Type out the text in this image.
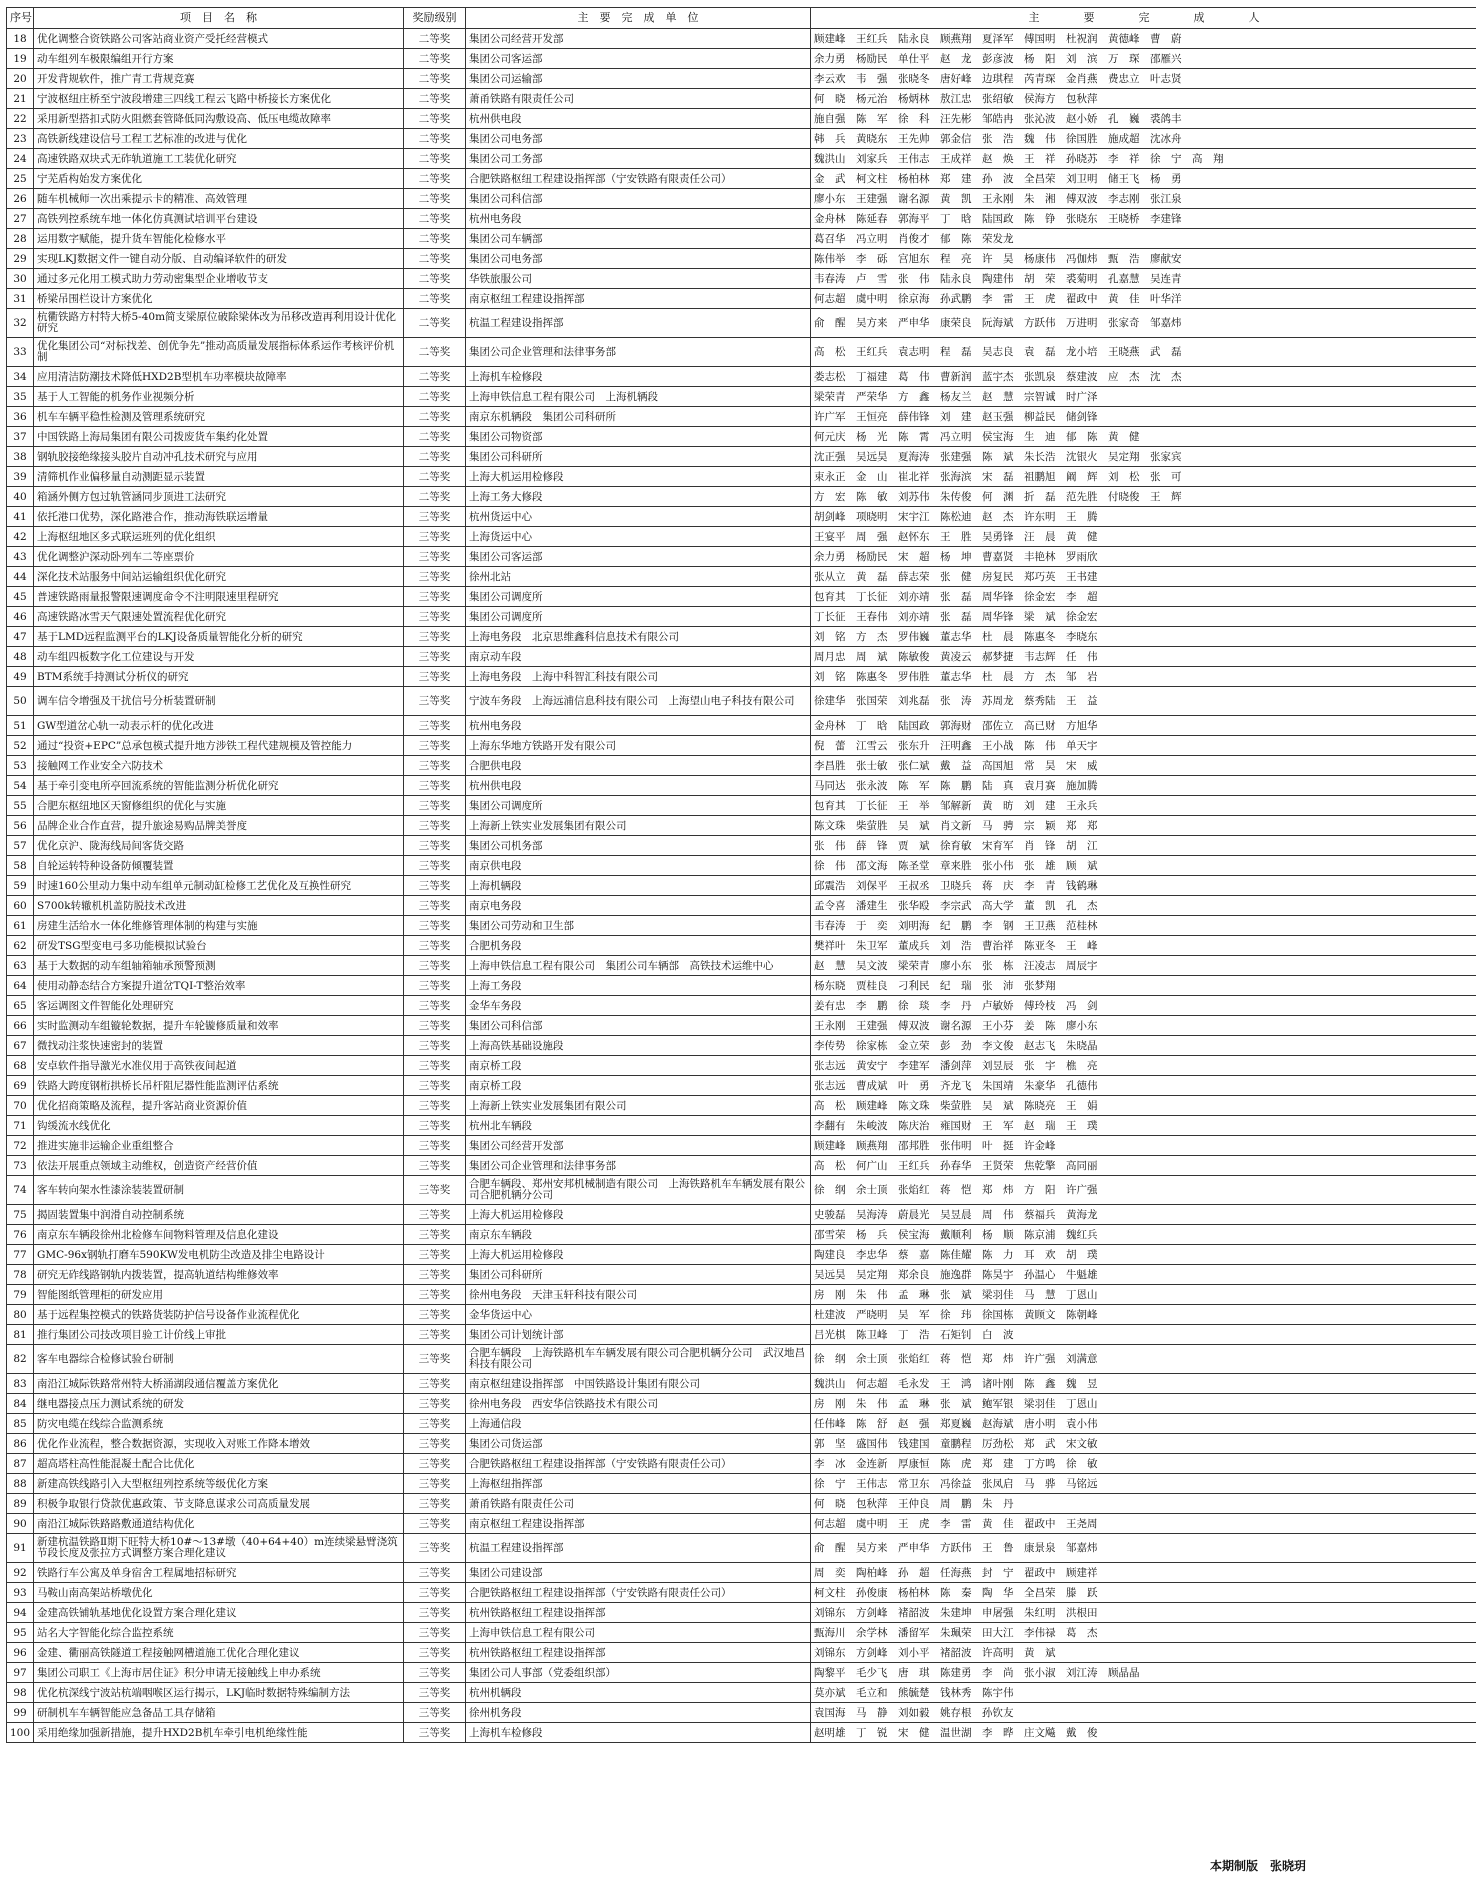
序号	项　目　名　称	奖励级别	主　要　完　成　单　位	主　　　　要　　　　完　　　　成　　　　人
18	优化调整合资铁路公司客站商业资产受托经营模式	二等奖	集团公司经营开发部	顾建峰　王红兵　陆永良　顾燕翔　夏泽军　傅国明　杜祝润　黄德峰　曹　蔚
19	动车组列车极限编组开行方案	二等奖	集团公司客运部	余力勇　杨励民　单仕平　赵　龙　彭彦波　杨　阳　刘　滨　万　琛　邵雁兴
20	开发背规软件，推广青工背规竞赛	二等奖	集团公司运输部	李云欢　韦　强　张晓冬　唐好峰　边琪程　芮青琛　金肖燕　费忠立　叶志贤
21	宁波枢纽庄桥至宁波段增建三四线工程云飞路中桥接长方案优化	二等奖	萧甬铁路有限责任公司	何　晓　杨元治　杨炳林　敖江忠　张绍敏　侯海方　包秋萍
22	采用新型搭扣式防火阻燃套管降低同沟敷设高、低压电缆故障率	二等奖	杭州供电段	施自强　陈　军　徐　科　汪先彬　邹皓冉　张沁波　赵小娇　孔　巍　裘鸽丰
23	高铁新线建设信号工程工艺标准的改进与优化	二等奖	集团公司电务部	韩　兵　黄晓东　王先帅　郭金信　张　浩　魏　伟　徐国胜　施成超　沈冰舟
24	高速铁路双块式无砟轨道施工工装优化研究	二等奖	集团公司工务部	魏洪山　刘家兵　王伟志　王成祥　赵　焕　王　祥　孙晓苏　李　祥　徐　宁　高　翔
25	宁芜盾构始发方案优化	二等奖	合肥铁路枢纽工程建设指挥部（宁安铁路有限责任公司）	金　武　柯文柱　杨柏林　郑　建　孙　波　全昌荣　刘卫明　储王飞　杨　勇
26	随车机械师一次出乘提示卡的精准、高效管理	二等奖	集团公司科信部	廖小东　王建强　谢名源　黄　凯　王永刚　朱　湘　傅双波　李志刚　张江泉
27	高铁列控系统车地一体化仿真测试培训平台建设	二等奖	杭州电务段	金舟林　陈延春　郭海平　丁　晗　陆国政　陈　铮　张晓东　王晓桥　李建锋
28	运用数字赋能，提升货车智能化检修水平	二等奖	集团公司车辆部	葛召华　冯立明　肖俊才　郁　陈　荣发龙
29	实现LKJ数据文件一键自动分版、自动编译软件的研发	二等奖	集团公司电务部	陈伟举　李　砾　宫旭东　程　亮　许　昊　杨康伟　冯伽炜　甄　浩　廖献安
30	通过多元化用工模式助力劳动密集型企业增收节支	二等奖	华铁旅服公司	韦春涛　卢　雪　张　伟　陆永良　陶建伟　胡　荣　裘菊明　孔嘉慧　吴连青
31	桥梁吊围栏设计方案优化	二等奖	南京枢纽工程建设指挥部	何志超　虞中明　徐京海　孙武鹏　李　雷　王　虎　翟政中　黄　佳　叶华洋
32	杭衢铁路方村特大桥5-40m简支梁原位破除梁体改为吊移改造再利用设计优化研究	二等奖	杭温工程建设指挥部	俞　醒　吴方来　严申华　康荣良　阮海斌　方跃伟　万进明　张家奇　邹嘉炜
33	优化集团公司“对标找差、创优争先”推动高质量发展指标体系运作考核评价机制	二等奖	集团公司企业管理和法律事务部	高　松　王红兵　袁志明　程　磊　吴志良　袁　磊　龙小培　王晓燕　武　磊
34	应用清洁防潮技术降低HXD2B型机车功率模块故障率	二等奖	上海机车检修段	娄志松　丁福建　葛　伟　曹新润　蓝宇杰　张凯泉　蔡建波　应　杰　沈　杰
35	基于人工智能的机务作业视频分析	二等奖	上海申铁信息工程有限公司　上海机辆段	梁荣青　严荣华　方　鑫　杨友兰　赵　慧　宗智诚　时广泽
36	机车车辆平稳性检测及管理系统研究	二等奖	南京东机辆段　集团公司科研所	许广军　王恒亮　薛伟锋　刘　建　赵玉强　柳益民　储剑锋
37	中国铁路上海局集团有限公司拨废货车集约化处置	二等奖	集团公司物资部	何元庆　杨　光　陈　霄　冯立明　侯宝海　生　迪　郁　陈　黄　健
38	钢轨胶接绝缘接头胶片自动冲孔技术研究与应用	二等奖	集团公司科研所	沈正强　吴远昊　夏海涛　张建强　陈　斌　朱长浩　沈银火　吴定翔　张家宾
39	清筛机作业偏移量自动测距显示装置	二等奖	上海大机运用检修段	束永正　金　山　崔北祥　张海滨　宋　磊　祖鹏旭　阚　辉　刘　松　张　可
40	箱涵外侧方包过轨管涵同步顶进工法研究	二等奖	上海工务大修段	方　宏　陈　敏　刘苏伟　朱传俊　何　渊　折　磊　范先胜　付晓俊　王　辉
41	依托港口优势，深化路港合作，推动海铁联运增量	三等奖	杭州货运中心	胡剑峰　项晓明　宋宇江　陈松迪　赵　杰　许东明　王　腾
42	上海枢纽地区多式联运班列的优化组织	三等奖	上海货运中心	王宴平　周　强　赵怀东　王　胜　吴勇锋　汪　晨　黄　健
43	优化调整沪深动卧列车二等座票价	三等奖	集团公司客运部	余力勇　杨励民　宋　超　杨　坤　曹嘉贤　丰艳林　罗雨欣
44	深化技术站服务中间站运输组织优化研究	三等奖	徐州北站	张从立　黄　磊　薛志荣　张　健　房复民　郑巧英　王书建
45	普速铁路雨量报警限速调度命令不注明限速里程研究	三等奖	集团公司调度所	包育其　丁长征　刘亦靖　张　磊　周华锋　徐金宏　李　超
46	高速铁路冰雪天气限速处置流程优化研究	三等奖	集团公司调度所	丁长征　王春伟　刘亦靖　张　磊　周华锋　梁　斌　徐金宏
47	基于LMD远程监测平台的LKJ设备质量智能化分析的研究	三等奖	上海电务段　北京思维鑫科信息技术有限公司	刘　铭　方　杰　罗伟巍　董志华　杜　晨　陈惠冬　李晓东
48	动车组四板数字化工位建设与开发	三等奖	南京动车段	周月忠　周　斌　陈敏俊　黄凌云　郝梦捷　韦志辉　任　伟
49	BTM系统手持测试分析仪的研究	三等奖	上海电务段　上海中科智汇科技有限公司	刘　铭　陈惠冬　罗伟胜　董志华　杜　晨　方　杰　邹　岩
50	调车信令增强及干扰信号分析装置研制	三等奖	宁波车务段　上海远浦信息科技有限公司　上海望山电子科技有限公司	徐建华　张国荣　刘兆磊　张　涛　苏周龙　蔡秀陆　王　益
51	GW型道岔心轨一动表示杆的优化改进	三等奖	杭州电务段	金舟林　丁　晗　陆国政　郭海财　邵佐立　高已财　方旭华
52	通过“投资+EPC”总承包模式提升地方涉铁工程代建规模及管控能力	三等奖	上海东华地方铁路开发有限公司	倪　蕾　江雪云　张东升　汪明鑫　王小战　陈　伟　单天宇
53	接触网工作业安全六防技术	三等奖	合肥供电段	李昌胜　张士敏　张仁斌　戴　益　高国旭　常　昊　宋　威
54	基于牵引变电所亭回流系统的智能监测分析优化研究	三等奖	杭州供电段	马同达　张永波　陈　军　陈　鹏　陆　真　袁月赛　施加腾
55	合肥东枢纽地区天窗修组织的优化与实施	三等奖	集团公司调度所	包育其　丁长征　王　举　邹解新　黄　昉　刘　建　王永兵
56	品牌企业合作直营，提升旅途易购品牌美誉度	三等奖	上海新上铁实业发展集团有限公司	陈文珠　柴萤胜　吴　斌　肖文新　马　骋　宗　颖　郑　郑
57	优化京沪、陇海线局间客货交路	三等奖	集团公司机务部	张　伟　薛　锋　贾　斌　徐育敏　宋育军　肖　锋　胡　江
58	自轮运转特种设备防倾覆装置	三等奖	南京供电段	徐　伟　邵文海　陈圣堂　章来胜　张小伟　张　雄　顾　斌
59	时速160公里动力集中动车组单元制动缸检修工艺优化及互换性研究	三等奖	上海机辆段	邱震浩　刘保平　王叔丞　卫晓兵　蒋　庆　李　青　钱鹤琳
60	S700k转辙机机盖防脱技术改进	三等奖	南京电务段	孟令喜　潘建生　张华殴　李宗武　高大学　董　凯　孔　杰
61	房建生活给水一体化维修管理体制的构建与实施	三等奖	集团公司劳动和卫生部	韦春涛　于　奕　刘明海　纪　鹏　李　钢　王卫燕　范桂林
62	研发TSG型变电弓多功能模拟试验台	三等奖	合肥机务段	樊祥叶　朱卫军　董成兵　刘　浩　曹治祥　陈亚冬　王　峰
63	基于大数据的动车组轴箱轴承预警预测	三等奖	上海申铁信息工程有限公司　集团公司车辆部　高铁技术运维中心	赵　慧　吴文波　梁荣青　廖小东　张　栋　汪凌志　周辰宇
64	使用动静态结合方案提升道岔TQI-T整治效率	三等奖	上海工务段	杨东晓　贾桂良　刁利民　纪　瑞　张　沛　张梦翔
65	客运调图文件智能化处理研究	三等奖	金华车务段	姜有忠　李　鹏　徐　琰　李　丹　卢敏娇　傅玲枝　冯　剑
66	实时监测动车组镟轮数据，提升车轮镟修质量和效率	三等奖	集团公司科信部	王永刚　王建强　傅双波　谢名源　王小芬　姜　陈　廖小东
67	微找动注浆快速密封的装置	三等奖	上海高铁基础设施段	李传势　徐家栋　金立荣　彭　劲　李文俊　赵志飞　朱晓晶
68	安卓软件指导激光水准仪用于高铁夜间起道	三等奖	南京桥工段	张志远　黄安宁　李建军　潘剑萍　刘昱辰　张　宇　樵　亮
69	铁路大跨度钢桁拱桥长吊杆阻尼器性能监测评估系统	三等奖	南京桥工段	张志远　曹成斌　叶　勇　齐龙飞　朱国靖　朱豪华　孔德伟
70	优化招商策略及流程，提升客站商业资源价值	三等奖	上海新上铁实业发展集团有限公司	高　松　顾建峰　陈文珠　柴萤胜　吴　斌　陈晓亮　王　娟
71	钩缓流水线优化	三等奖	杭州北车辆段	李翻有　朱峻波　陈庆治　雍国财　王　军　赵　瑞　王　璞
72	推进实施非运输企业重组整合	三等奖	集团公司经营开发部	顾建峰　顾燕翔　邵邦胜　张伟明　叶　挺　许金峰
73	依法开展重点领域主动维权，创造资产经营价值	三等奖	集团公司企业管理和法律事务部	高　松　何广山　王红兵　孙春华　王贤荣　焦乾擎　高同丽
74	客车转向架水性漆涂装装置研制	三等奖	合肥车辆段、郑州安邦机械制造有限公司　上海铁路机车车辆发展有限公司合肥机辆分公司	徐　纲　余士顶　张焰红　蒋　恺　郑　炜　方　阳　许广强
75	揭固装置集中润滑自动控制系统	三等奖	上海大机运用检修段	史骏磊　吴海涛　蔚晨光　吴昱晨　周　伟　蔡福兵　黄海龙
76	南京东车辆段徐州北检修车间物料管理及信息化建设	三等奖	南京东车辆段	邵雪荣　杨　兵　侯宝海　戴顺利　杨　顺　陈京浦　魏红兵
77	GMC-96x钢轨打磨车590KW发电机防尘改造及排尘电路设计	三等奖	上海大机运用检修段	陶建良　李忠华　蔡　嘉　陈佳耀　陈　力　耳　欢　胡　璞
78	研究无砟线路钢轨内拨装置，提高轨道结构维修效率	三等奖	集团公司科研所	吴远昊　吴定翔　郑余良　施逸群　陈昊宇　孙温心　牛魁雄
79	智能图纸管理柜的研发应用	三等奖	徐州电务段　天津玉轩科技有限公司	房　刚　朱　伟　孟　琳　张　斌　梁羽佳　马　慧　丁恩山
80	基于远程集控模式的铁路货装防护信号设备作业流程优化	三等奖	金华货运中心	杜建波　严晓明　吴　军　徐　玮　徐国栋　黄顾文　陈朝峰
81	推行集团公司技改项目验工计价线上审批	三等奖	集团公司计划统计部	吕光棋　陈卫峰　丁　浩　石矩钊　白　波
82	客车电器综合检修试验台研制	三等奖	合肥车辆段　上海铁路机车车辆发展有限公司合肥机辆分公司　武汉地昌科技有限公司	徐　纲　余士顶　张焰红　蒋　恺　郑　炜　许广强　刘满意
83	南沿江城际铁路常州特大桥涌湖段通信覆盖方案优化	三等奖	南京枢纽建设指挥部　中国铁路设计集团有限公司	魏洪山　何志超　毛永发　王　鸿　诸叶刚　陈　鑫　魏　昱
84	继电器接点压力测试系统的研发	三等奖	徐州电务段　西安华信铁路技术有限公司	房　刚　朱　伟　孟　琳　张　斌　鲍军银　梁羽佳　丁恩山
85	防灾电缆在线综合监测系统	三等奖	上海通信段	任伟峰　陈　舒　赵　强　郑夏巍　赵海斌　唐小明　袁小伟
86	优化作业流程，整合数据资源，实现收入对账工作降本增效	三等奖	集团公司货运部	郭　坚　盛国伟　钱建国　童鹏程　厉劲松　郑　武　宋文敏
87	超高塔柱高性能混凝土配合比优化	三等奖	合肥铁路枢纽工程建设指挥部（宁安铁路有限责任公司）	李　冰　金连新　厚康恒　陈　虎　郑　建　丁方鸣　徐　敏
88	新建高铁线路引入大型枢纽列控系统等级优化方案	三等奖	上海枢纽指挥部	徐　宁　王伟志　常卫东　冯徐益　张凤启　马　骅　马铭远
89	积极争取银行贷款优惠政策、节支降息谋求公司高质量发展	三等奖	萧甬铁路有限责任公司	何　晓　包秋萍　王仲良　周　鹏　朱　丹
90	南沿江城际铁路路敷通道结构优化	三等奖	南京枢纽工程建设指挥部	何志超　虞中明　王　虎　李　雷　黄　佳　翟政中　王尧周
91	新建杭温铁路Ⅱ期下旺特大桥10#～13#墩（40+64+40）m连续梁悬臂浇筑节段长度及张拉方式调整方案合理化建议	三等奖	杭温工程建设指挥部	俞　醒　吴方来　严申华　方跃伟　王　鲁　康景泉　邹嘉炜
92	铁路行车公寓及单身宿舍工程属地招标研究	三等奖	集团公司建设部	周　奕　陶柏峰　孙　超　任海燕　封　宁　翟政中　顾建祥
93	马鞍山南高架站桥墩优化	三等奖	合肥铁路枢纽工程建设指挥部（宁安铁路有限责任公司）	柯文柱　孙俊康　杨柏林　陈　秦　陶　华　全昌荣　滕　跃
94	金建高铁铺轨基地优化设置方案合理化建议	三等奖	杭州铁路枢纽工程建设指挥部	刘锦东　方剑峰　褚韶波　朱建坤　申屠强　朱红明　洪根田
95	站名大字智能化综合监控系统	三等奖	上海申铁信息工程有限公司	甄海川　余学林　潘留军　朱珮荣　田大江　李伟禄　葛　杰
96	金建、衢丽高铁隧道工程接触网槽道施工优化合理化建议	三等奖	杭州铁路枢纽工程建设指挥部	刘锦东　方剑峰　刘小平　褚韶波　许高明　黄　斌
97	集团公司职工《上海市居住证》积分申请无接触线上申办系统	三等奖	集团公司人事部（党委组织部）	陶黎平　毛少飞　唐　琪　陈建勇　李　尚　张小淑　刘江涛　顾晶晶
98	优化杭深线宁波站杭端咽喉区运行揭示，LKJ临时数据特殊编制方法	三等奖	杭州机辆段	莫亦斌　毛立和　熊毓楚　钱林秀　陈宇伟
99	研制机车车辆智能应急备品工具存储箱	三等奖	徐州机务段	袁国海　马　静　刘如毅　姚存根　孙钦友
100	采用绝缘加强新措施，提升HXD2B机车牵引电机绝缘性能	三等奖	上海机车检修段	赵明雄　丁　锐　宋　健　温世湖　李　晔　庄文飚　戴　俊
本期制版　张晓玥
